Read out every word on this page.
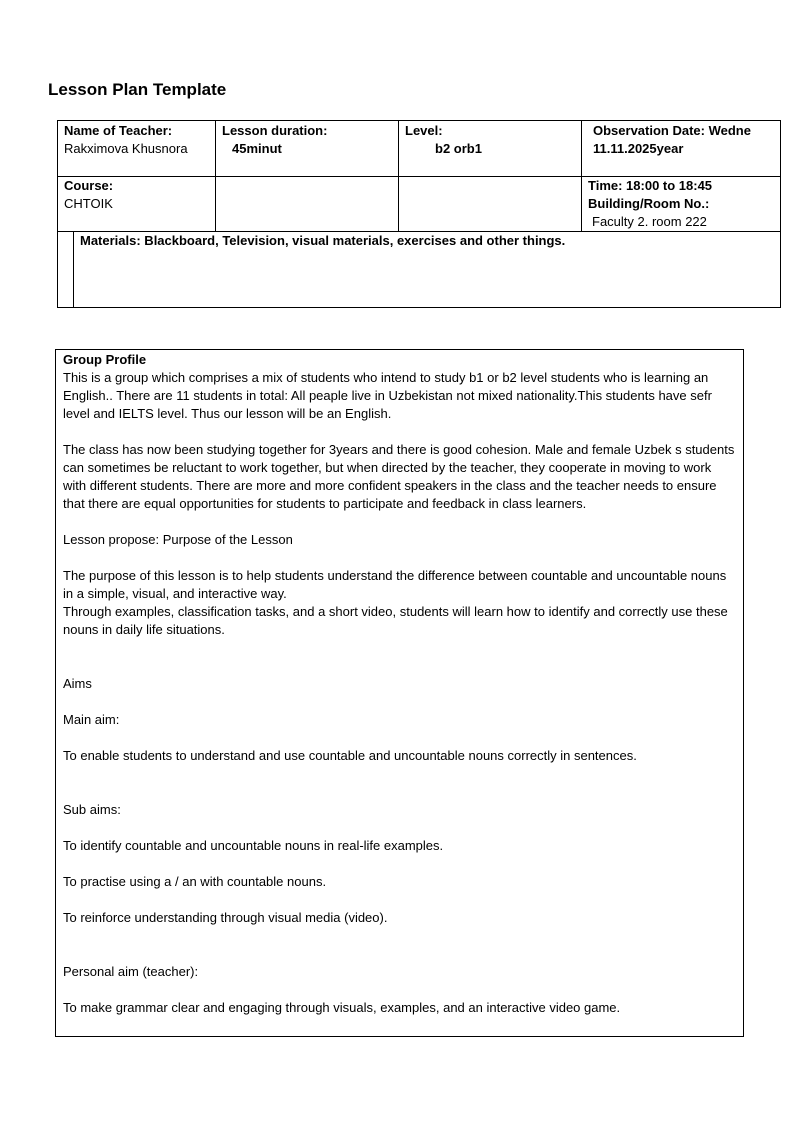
Lesson Plan Template
Name of Teacher:
Rakximova Khusnora
Lesson duration:
45minut
Level:
b2 orb1
Observation Date: Wedne
11.11.2025year
Course:
CHTOIK
Time: 18:00 to 18:45
Building/Room No.:
Faculty 2. room 222
Materials: Blackboard, Television, visual materials, exercises and other things.

Group Profile

This is a group which comprises a mix of students who intend to study b1 or b2 level students who is learning an English.. There are 11 students in total: All peaple live in Uzbekistan not mixed nationality.This students have sefr level and IELTS level. Thus our lesson will be an English.

The class has now been studying together for 3years and there is good cohesion. Male and female Uzbek s students can sometimes be reluctant to work together, but when directed by the teacher, they cooperate in moving to work with different students. There are more and more confident speakers in the class and the teacher needs to ensure that there are equal opportunities for students to participate and feedback in class learners.

Lesson propose: Purpose of the Lesson

The purpose of this lesson is to help students understand the difference between countable and uncountable nouns in a simple, visual, and interactive way.

Through examples, classification tasks, and a short video, students will learn how to identify and correctly use these nouns in daily life situations.

Aims

Main aim:

To enable students to understand and use countable and uncountable nouns correctly in sentences.

Sub aims:

To identify countable and uncountable nouns in real-life examples.

To practise using a / an with countable nouns.

To reinforce understanding through visual media (video).

Personal aim (teacher):

To make grammar clear and engaging through visuals, examples, and an interactive video game.
